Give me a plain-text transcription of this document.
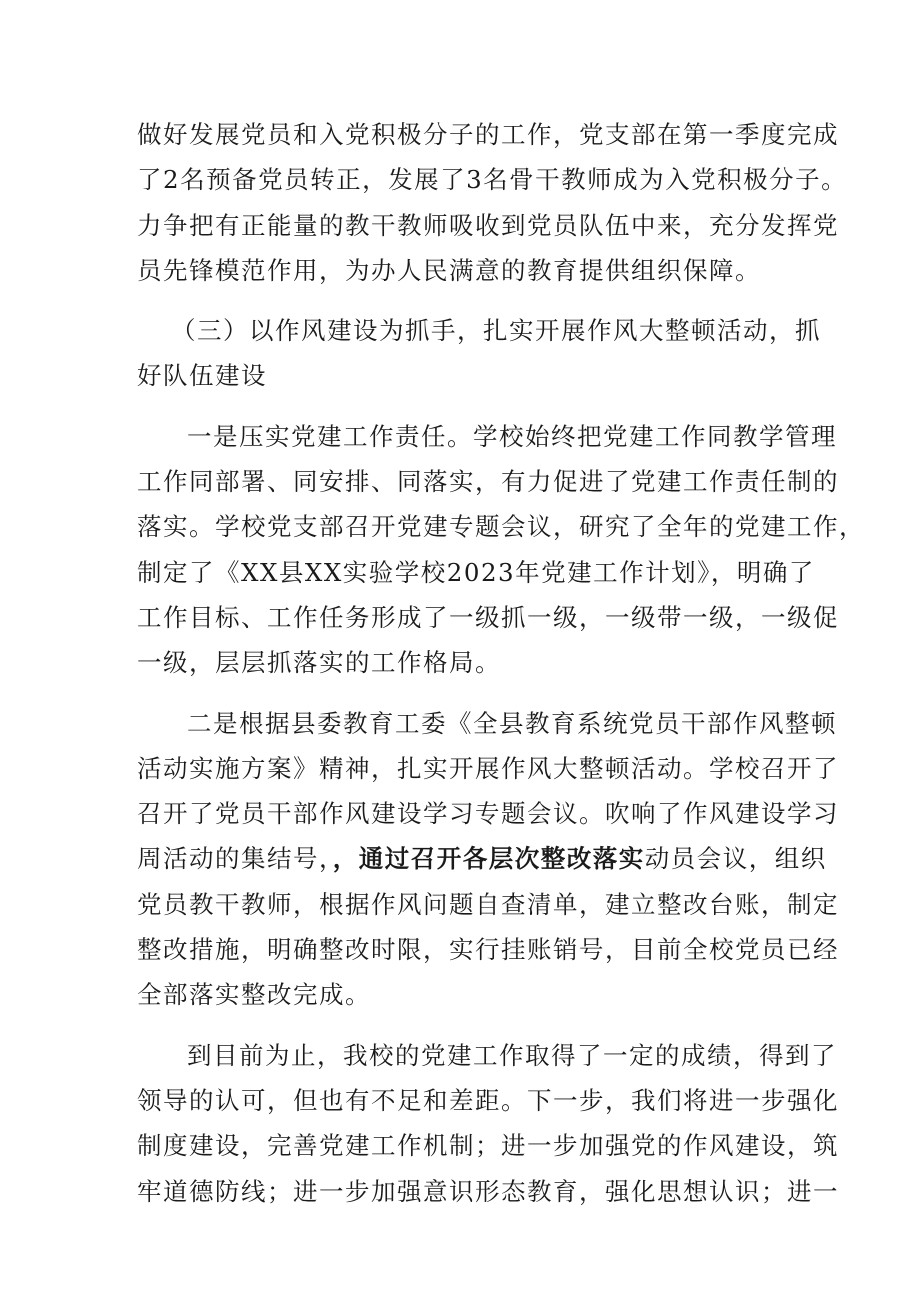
做好发展党员和入党积极分子的工作，党支部在第一季度完成
了2名预备党员转正，发展了3名骨干教师成为入党积极分子。
力争把有正能量的教干教师吸收到党员队伍中来，充分发挥党
员先锋模范作用，为办人民满意的教育提供组织保障。
（三）以作风建设为抓手，扎实开展作风大整顿活动，抓
好队伍建设
一是压实党建工作责任。学校始终把党建工作同教学管理
工作同部署、同安排、同落实，有力促进了党建工作责任制的
落实。学校党支部召开党建专题会议，研究了全年的党建工作，
制定了《XX县XX实验学校2023年党建工作计划》，明确了
工作目标、工作任务形成了一级抓一级，一级带一级，一级促
一级，层层抓落实的工作格局。
二是根据县委教育工委《全县教育系统党员干部作风整顿
活动实施方案》精神，扎实开展作风大整顿活动。学校召开了
召开了党员干部作风建设学习专题会议。吹响了作风建设学习
周活动的集结号，，通过召开各层次整改落实动员会议，组织
党员教干教师，根据作风问题自查清单，建立整改台账，制定
整改措施，明确整改时限，实行挂账销号，目前全校党员已经
全部落实整改完成。
到目前为止，我校的党建工作取得了一定的成绩，得到了
领导的认可，但也有不足和差距。下一步，我们将进一步强化
制度建设，完善党建工作机制；进一步加强党的作风建设，筑
牢道德防线；进一步加强意识形态教育，强化思想认识；进一
